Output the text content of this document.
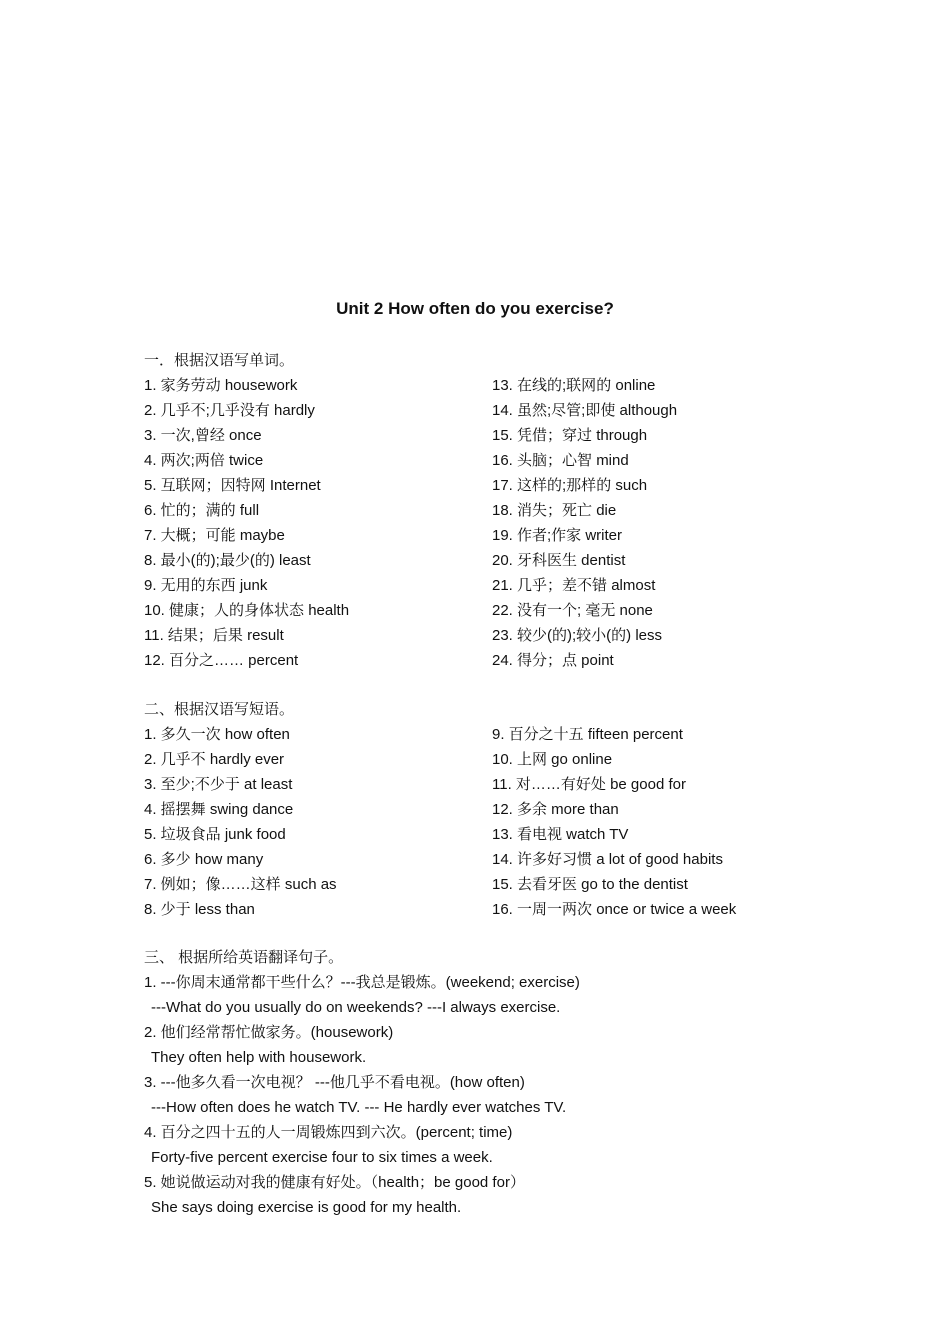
Unit 2 How often do you exercise?
一．根据汉语写单词。
1. 家务劳动 housework
2. 几乎不;几乎没有 hardly
3. 一次,曾经 once
4. 两次;两倍 twice
5. 互联网；因特网 Internet
6. 忙的；满的 full
7. 大概；可能 maybe
8. 最小(的);最少(的) least
9. 无用的东西 junk
10. 健康；人的身体状态 health
11. 结果；后果 result
12. 百分之…… percent
13. 在线的;联网的 online
14. 虽然;尽管;即使 although
15. 凭借；穿过 through
16. 头脑；心智 mind
17. 这样的;那样的 such
18. 消失；死亡 die
19. 作者;作家 writer
20. 牙科医生 dentist
21. 几乎；差不错 almost
22. 没有一个; 毫无 none
23. 较少(的);较小(的) less
24. 得分；点 point
二、根据汉语写短语。
1. 多久一次 how often
2. 几乎不 hardly ever
3. 至少;不少于 at least
4. 摇摆舞 swing dance
5. 垃圾食品 junk food
6. 多少 how many
7. 例如；像……这样 such as
8. 少于 less than
9. 百分之十五 fifteen percent
10. 上网 go online
11. 对……有好处 be good for
12. 多余 more than
13. 看电视 watch TV
14. 许多好习惯 a lot of good habits
15. 去看牙医 go to the dentist
16. 一周一两次 once or twice a week
三、 根据所给英语翻译句子。
1. ---你周末通常都干些什么？---我总是锻炼。(weekend; exercise)
---What do you usually do on weekends? ---I always exercise.
2. 他们经常帮忙做家务。(housework)
They often help with housework.
3. ---他多久看一次电视？ ---他几乎不看电视。(how often)
---How often does he watch TV. --- He hardly ever watches TV.
4. 百分之四十五的人一周锻炼四到六次。(percent; time)
Forty-five percent exercise four to six times a week.
5. 她说做运动对我的健康有好处。（health；be good for）
She says doing exercise is good for my health.
